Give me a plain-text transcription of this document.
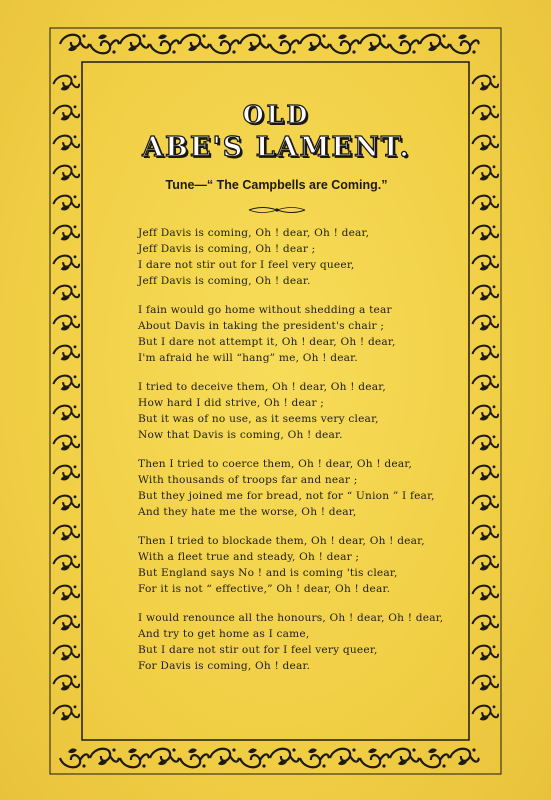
OLD
ABE'S LAMENT.
Tune—“ The Campbells are Coming.”
Jeff Davis is coming, Oh ! dear, Oh ! dear,
Jeff Davis is coming, Oh ! dear ;
I dare not stir out for I feel very queer,
Jeff Davis is coming, Oh ! dear.
I fain would go home without shedding a tear
About Davis in taking the president's chair ;
But I dare not attempt it, Oh ! dear, Oh ! dear,
I'm afraid he will “hang” me, Oh ! dear.
I tried to deceive them, Oh ! dear, Oh ! dear,
How hard I did strive, Oh ! dear ;
But it was of no use, as it seems very clear,
Now that Davis is coming, Oh ! dear.
Then I tried to coerce them, Oh ! dear, Oh ! dear,
With thousands of troops far and near ;
But they joined me for bread, not for “ Union ” I fear,
And they hate me the worse, Oh ! dear,
Then I tried to blockade them, Oh ! dear, Oh ! dear,
With a fleet true and steady, Oh ! dear ;
But England says No ! and is coming 'tis clear,
For it is not “ effective,” Oh ! dear, Oh ! dear.
I would renounce all the honours, Oh ! dear, Oh ! dear,
And try to get home as I came,
But I dare not stir out for I feel very queer,
For Davis is coming, Oh ! dear.
